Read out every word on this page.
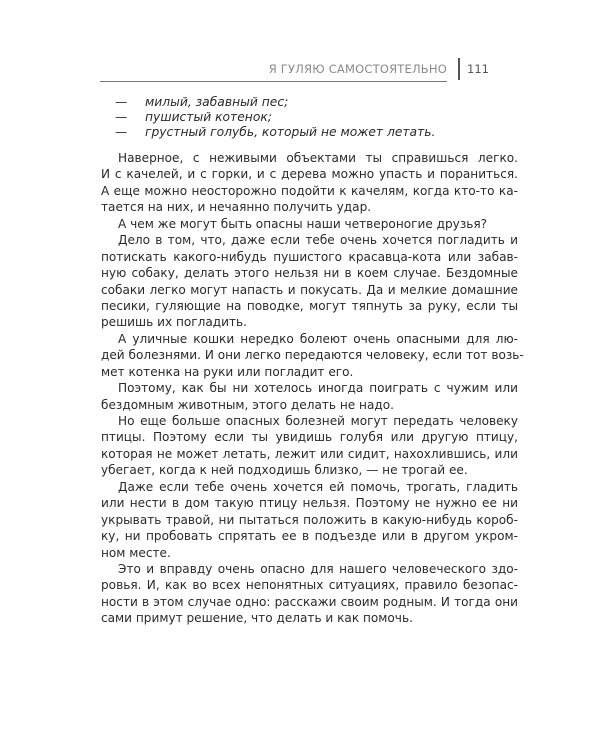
Я ГУЛЯЮ САМОСТОЯТЕЛЬНО 111
— милый, забавный пес;
— пушистый котенок;
— грустный голубь, который не может летать.
Наверное, с неживыми объектами ты справишься легко.
И с качелей, и с горки, и с дерева можно упасть и пораниться.
А еще можно неосторожно подойти к качелям, когда кто-то ка-
тается на них, и нечаянно получить удар.
А чем же могут быть опасны наши четвероногие друзья?
Дело в том, что, даже если тебе очень хочется погладить и
потискать какого-нибудь пушистого красавца-кота или забав-
ную собаку, делать этого нельзя ни в коем случае. Бездомные
собаки легко могут напасть и покусать. Да и мелкие домашние
песики, гуляющие на поводке, могут тяпнуть за руку, если ты
решишь их погладить.
А уличные кошки нередко болеют очень опасными для лю-
дей болезнями. И они легко передаются человеку, если тот возь-
мет котенка на руки или погладит его.
Поэтому, как бы ни хотелось иногда поиграть с чужим или
бездомным животным, этого делать не надо.
Но еще больше опасных болезней могут передать человеку
птицы. Поэтому если ты увидишь голубя или другую птицу,
которая не может летать, лежит или сидит, нахохлившись, или
убегает, когда к ней подходишь близко, — не трогай ее.
Даже если тебе очень хочется ей помочь, трогать, гладить
или нести в дом такую птицу нельзя. Поэтому не нужно ее ни
укрывать травой, ни пытаться положить в какую-нибудь короб-
ку, ни пробовать спрятать ее в подъезде или в другом укром-
ном месте.
Это и вправду очень опасно для нашего человеческого здо-
ровья. И, как во всех непонятных ситуациях, правило безопас-
ности в этом случае одно: расскажи своим родным. И тогда они
сами примут решение, что делать и как помочь.
